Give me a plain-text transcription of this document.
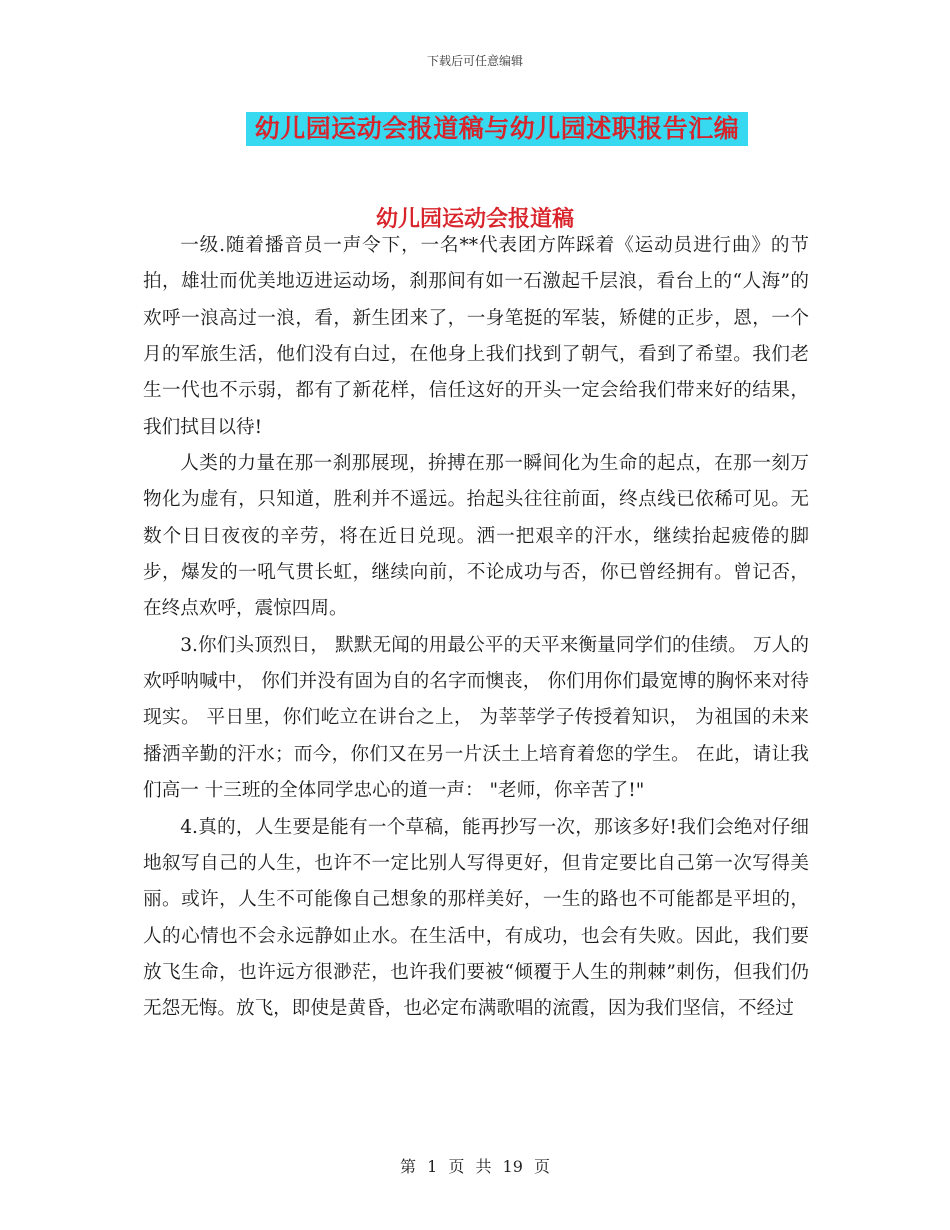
下载后可任意编辑
幼儿园运动会报道稿与幼儿园述职报告汇编
幼儿园运动会报道稿

一级.随着播音员一声令下，一名**代表团方阵踩着《运动员进行曲》的节拍，雄壮而优美地迈进运动场，刹那间有如一石激起千层浪，看台上的“人海”的欢呼一浪高过一浪，看，新生团来了，一身笔挺的军装，矫健的正步，恩，一个月的军旅生活，他们没有白过，在他身上我们找到了朝气，看到了希望。我们老生一代也不示弱，都有了新花样，信任这好的开头一定会给我们带来好的结果，我们拭目以待!

人类的力量在那一刹那展现，拚搏在那一瞬间化为生命的起点，在那一刻万物化为虚有，只知道，胜利并不遥远。抬起头往往前面，终点线已依稀可见。无数个日日夜夜的辛劳，将在近日兑现。洒一把艰辛的汗水，继续抬起疲倦的脚步，爆发的一吼气贯长虹，继续向前，不论成功与否，你已曾经拥有。曾记否，在终点欢呼，震惊四周。

3.你们头顶烈日， 默默无闻的用最公平的天平来衡量同学们的佳绩。 万人的欢呼呐喊中， 你们并没有固为自的名字而懊丧， 你们用你们最宽博的胸怀来对待现实。 平日里，你们屹立在讲台之上， 为莘莘学子传授着知识， 为祖国的未来播洒辛勤的汗水；而今，你们又在另一片沃土上培育着您的学生。 在此，请让我们高一 十三班的全体同学忠心的道一声： "老师，你辛苦了!"

4.真的，人生要是能有一个草稿，能再抄写一次，那该多好!我们会绝对仔细地叙写自己的人生，也许不一定比别人写得更好，但肯定要比自己第一次写得美丽。或许，人生不可能像自己想象的那样美好，一生的路也不可能都是平坦的，人的心情也不会永远静如止水。在生活中，有成功，也会有失败。因此，我们要放飞生命，也许远方很渺茫，也许我们要被“倾覆于人生的荆棘”刺伤，但我们仍无怨无悔。放飞，即使是黄昏，也必定布满歌唱的流霞，因为我们坚信，不经过

第 1 页 共 19 页
